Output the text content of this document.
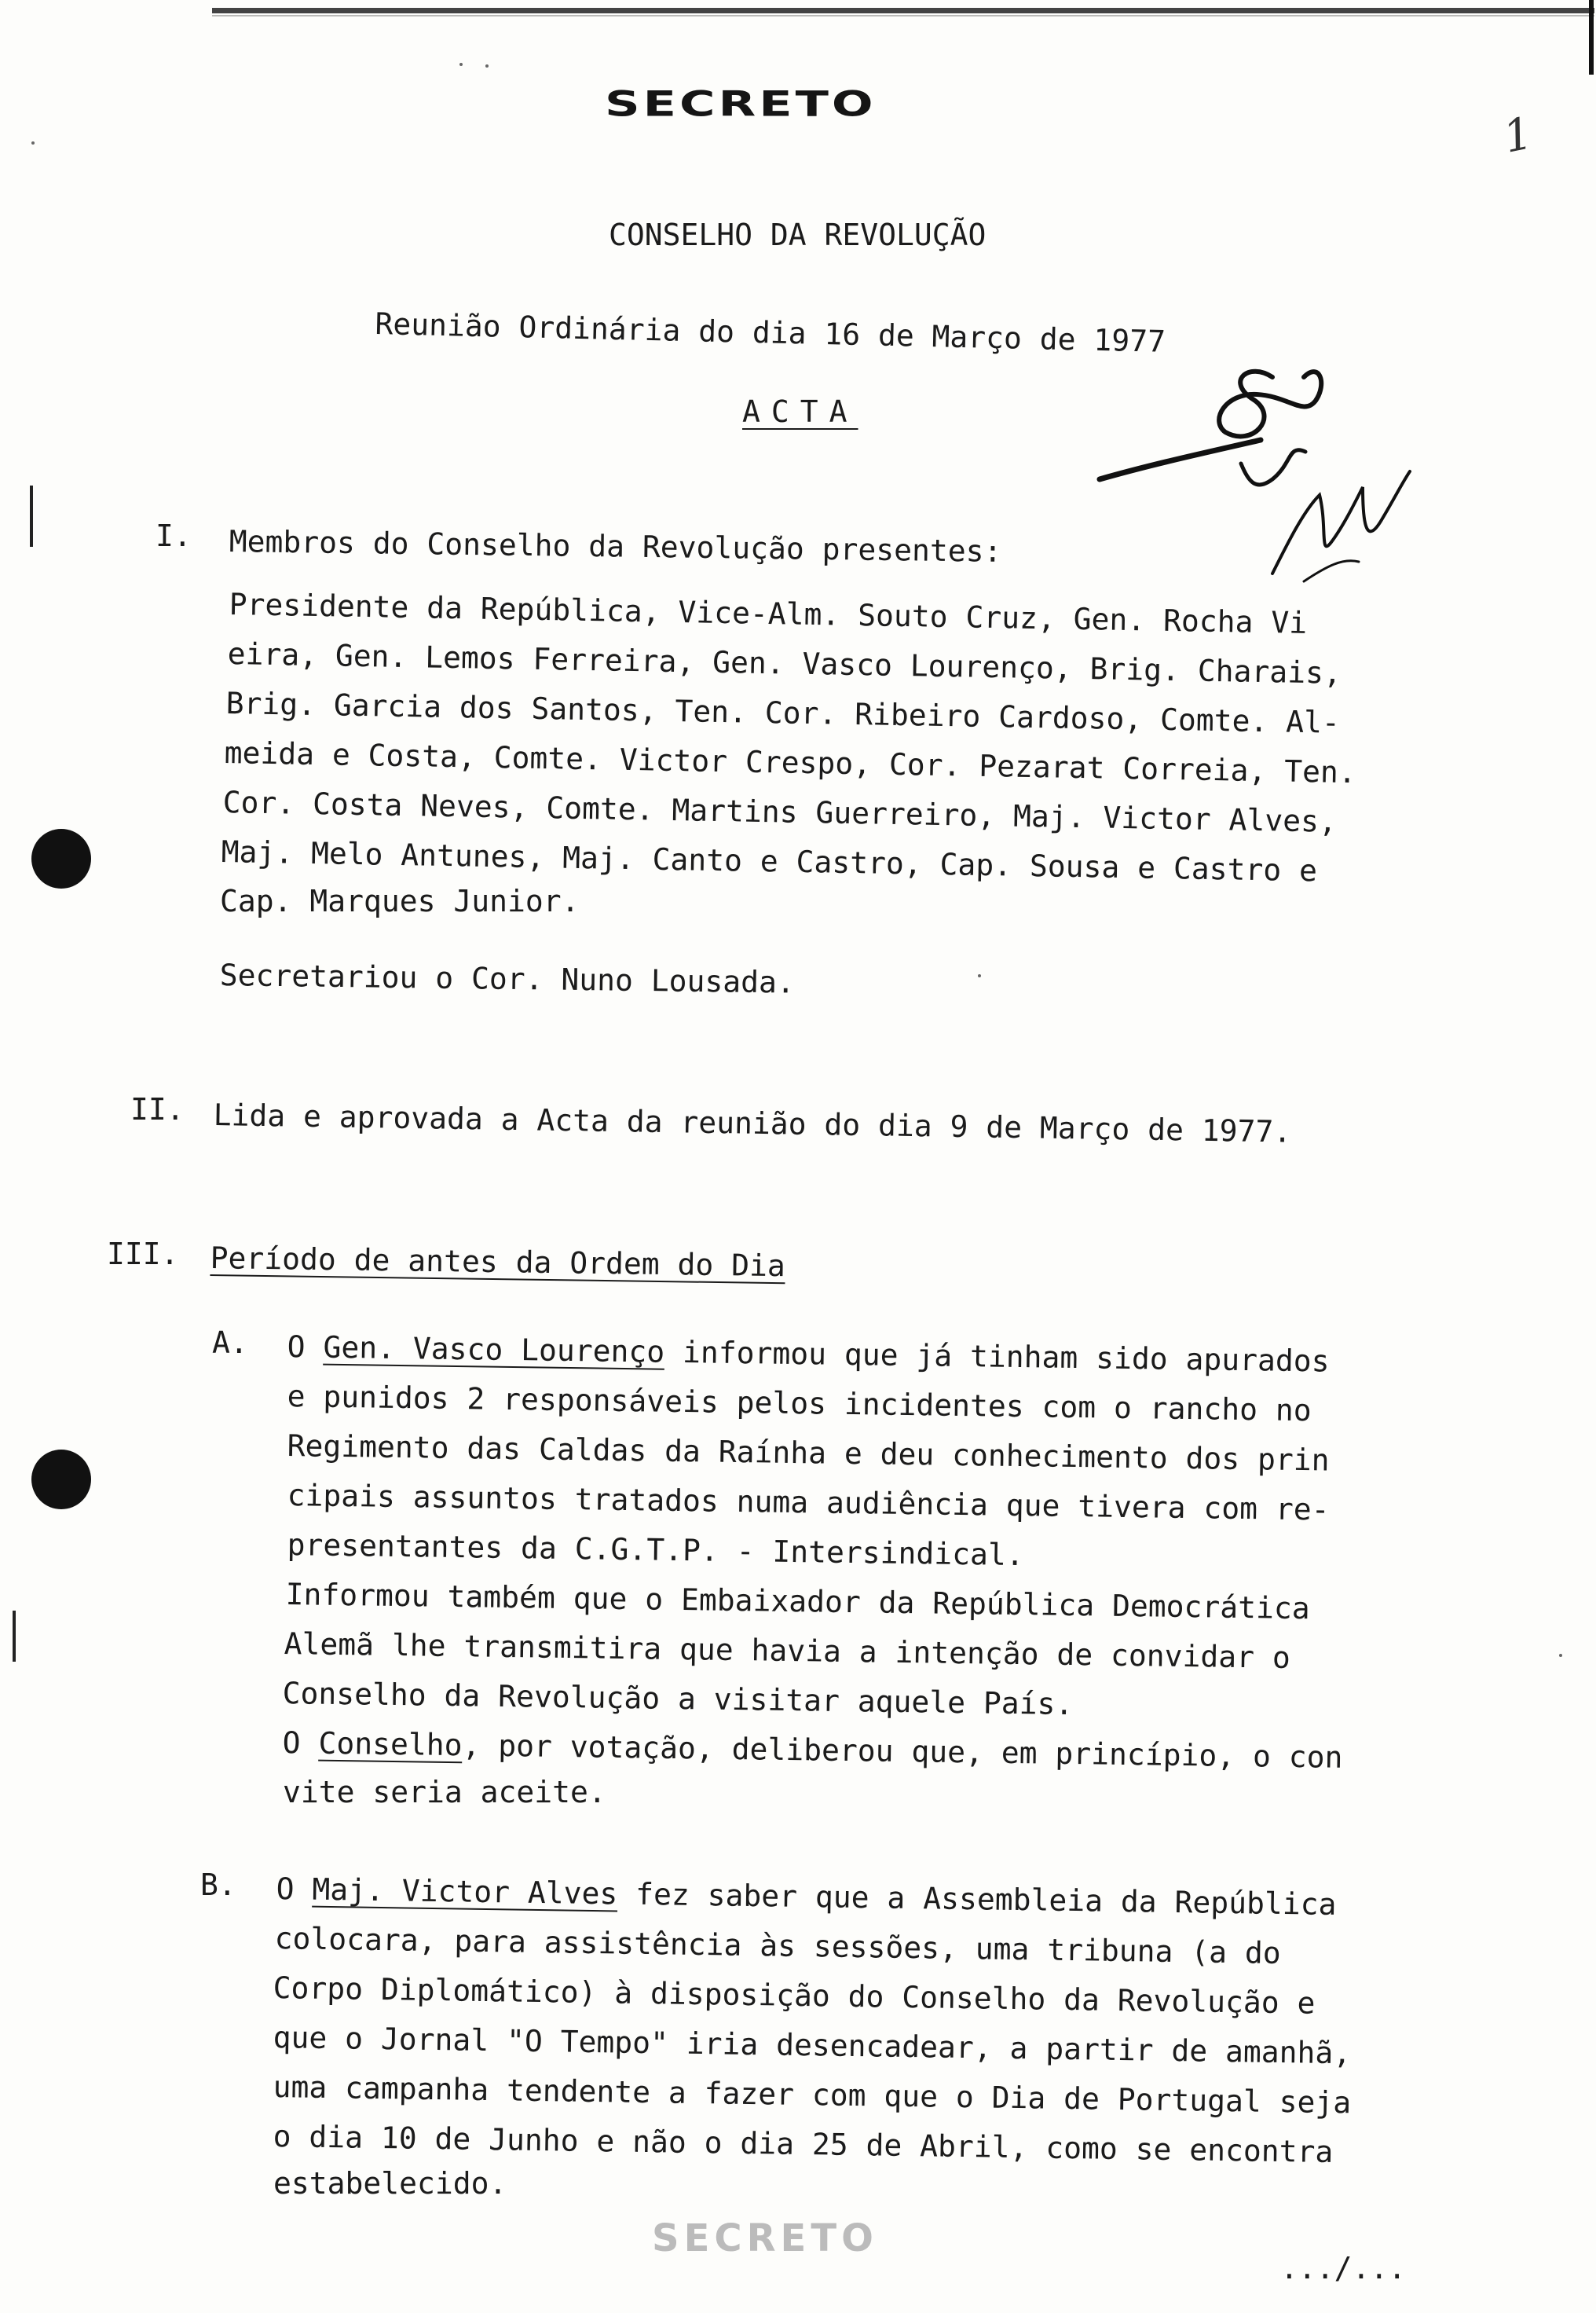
SECRETO
1
CONSELHO DA REVOLUÇÃO
Reunião Ordinária do dia 16 de Março de 1977
ACTA
I. Membros do Conselho da Revolução presentes:
Presidente da República, Vice-Alm. Souto Cruz, Gen. Rocha Vi
eira, Gen. Lemos Ferreira, Gen. Vasco Lourenço, Brig. Charais,
Brig. Garcia dos Santos, Ten. Cor. Ribeiro Cardoso, Comte. Al-
meida e Costa, Comte. Victor Crespo, Cor. Pezarat Correia, Ten.
Cor. Costa Neves, Comte. Martins Guerreiro, Maj. Victor Alves,
Maj. Melo Antunes, Maj. Canto e Castro, Cap. Sousa e Castro e
Cap. Marques Junior.
Secretariou o Cor. Nuno Lousada.
II. Lida e aprovada a Acta da reunião do dia 9 de Março de 1977.
III. Período de antes da Ordem do Dia
A. O Gen. Vasco Lourenço informou que já tinham sido apurados
e punidos 2 responsáveis pelos incidentes com o rancho no
Regimento das Caldas da Raínha e deu conhecimento dos prin
cipais assuntos tratados numa audiência que tivera com re-
presentantes da C.G.T.P. - Intersindical.
Informou também que o Embaixador da República Democrática
Alemã lhe transmitira que havia a intenção de convidar o
Conselho da Revolução a visitar aquele País.
O Conselho, por votação, deliberou que, em princípio, o con
vite seria aceite.
B. O Maj. Victor Alves fez saber que a Assembleia da República
colocara, para assistência às sessões, uma tribuna (a do
Corpo Diplomático) à disposição do Conselho da Revolução e
que o Jornal "O Tempo" iria desencadear, a partir de amanhã,
uma campanha tendente a fazer com que o Dia de Portugal seja
o dia 10 de Junho e não o dia 25 de Abril, como se encontra
estabelecido.
SECRETO
.../...
